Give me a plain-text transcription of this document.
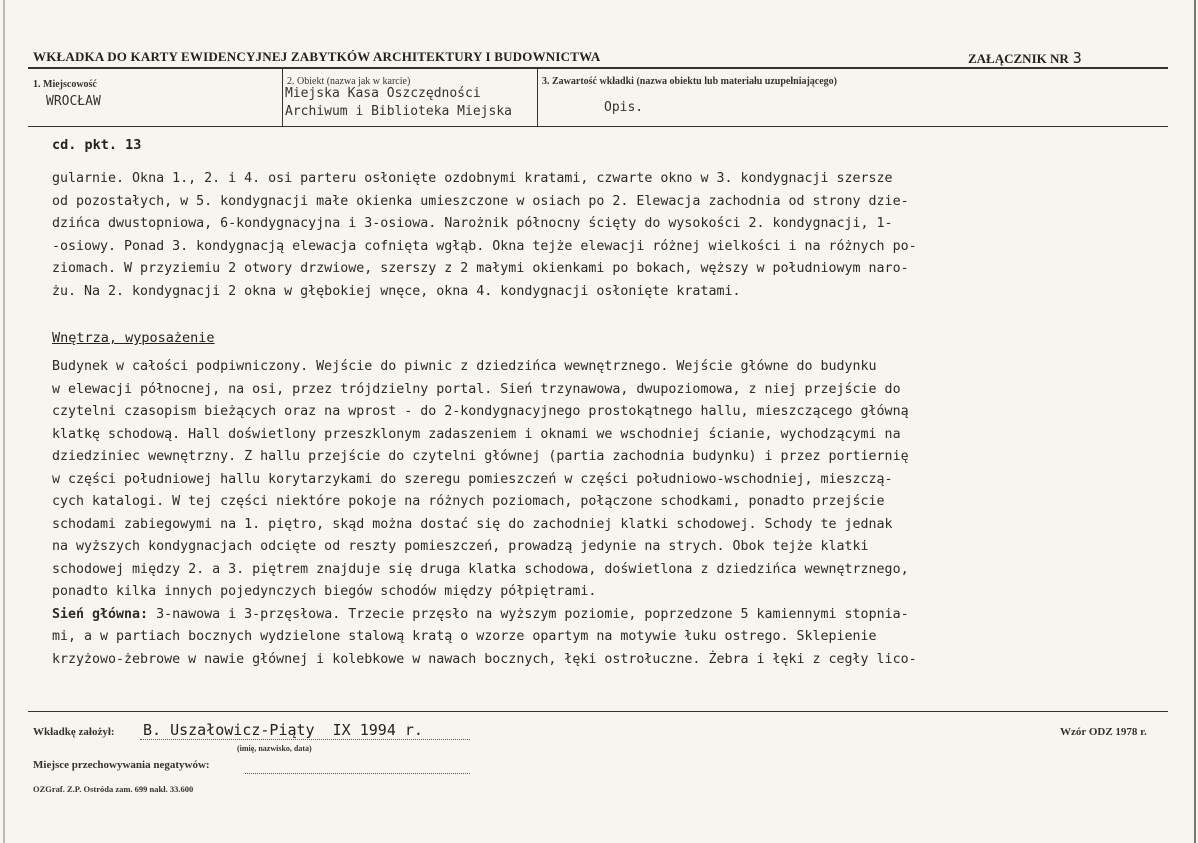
WKŁADKA DO KARTY EWIDENCYJNEJ ZABYTKÓW ARCHITEKTURY I BUDOWNICTWA	ZAŁĄCZNIK NR 3
1. Miejscowość
WROCŁAW
2. Obiekt (nazwa jak w karcie)
Miejska Kasa Oszczędności
Archiwum i Biblioteka Miejska
3. Zawartość wkładki (nazwa obiektu lub materiału uzupełniającego)
Opis.
cd. pkt. 13
gularnie. Okna 1., 2. i 4. osi parteru osłonięte ozdobnymi kratami, czwarte okno w 3. kondygnacji szersze
od pozostałych, w 5. kondygnacji małe okienka umieszczone w osiach po 2. Elewacja zachodnia od strony dzie-
dzińca dwustopniowa, 6-kondygnacyjna i 3-osiowa. Narożnik północny ścięty do wysokości 2. kondygnacji, 1-
-osiowy. Ponad 3. kondygnacją elewacja cofnięta wgłąb. Okna tejże elewacji różnej wielkości i na różnych po-
ziomach. W przyziemiu 2 otwory drzwiowe, szerszy z 2 małymi okienkami po bokach, węższy w południowym naro-
żu. Na 2. kondygnacji 2 okna w głębokiej wnęce, okna 4. kondygnacji osłonięte kratami.
Wnętrza, wyposażenie
Budynek w całości podpiwniczony. Wejście do piwnic z dziedzińca wewnętrznego. Wejście główne do budynku
w elewacji północnej, na osi, przez trójdzielny portal. Sień trzynawowa, dwupoziomowa, z niej przejście do
czytelni czasopism bieżących oraz na wprost - do 2-kondygnacyjnego prostokątnego hallu, mieszczącego główną
klatkę schodową. Hall doświetlony przeszklonym zadaszeniem i oknami we wschodniej ścianie, wychodzącymi na
dziedziniec wewnętrzny. Z hallu przejście do czytelni głównej (partia zachodnia budynku) i przez portiernię
w części południowej hallu korytarzykami do szeregu pomieszczeń w części południowo-wschodniej, mieszczą-
cych katalogi. W tej części niektóre pokoje na różnych poziomach, połączone schodkami, ponadto przejście
schodami zabiegowymi na 1. piętro, skąd można dostać się do zachodniej klatki schodowej. Schody te jednak
na wyższych kondygnacjach odcięte od reszty pomieszczeń, prowadzą jedynie na strych. Obok tejże klatki
schodowej między 2. a 3. piętrem znajduje się druga klatka schodowa, doświetlona z dziedzińca wewnętrznego,
ponadto kilka innych pojedynczych biegów schodów między półpiętrami.
Sień główna: 3-nawowa i 3-przęsłowa. Trzecie przęsło na wyższym poziomie, poprzedzone 5 kamiennymi stopnia-
mi, a w partiach bocznych wydzielone stalową kratą o wzorze opartym na motywie łuku ostrego. Sklepienie
krzyżowo-żebrowe w nawie głównej i kolebkowe w nawach bocznych, łęki ostrołuczne. Żebra i łęki z cegły lico-
Wkładkę założył: B. Uszałowicz-Piąty  IX 1994 r.
(imię, nazwisko, data)
Wzór ODZ 1978 r.
Miejsce przechowywania negatywów:
OZGraf. Z.P. Ostróda zam. 699 nakł. 33.600
